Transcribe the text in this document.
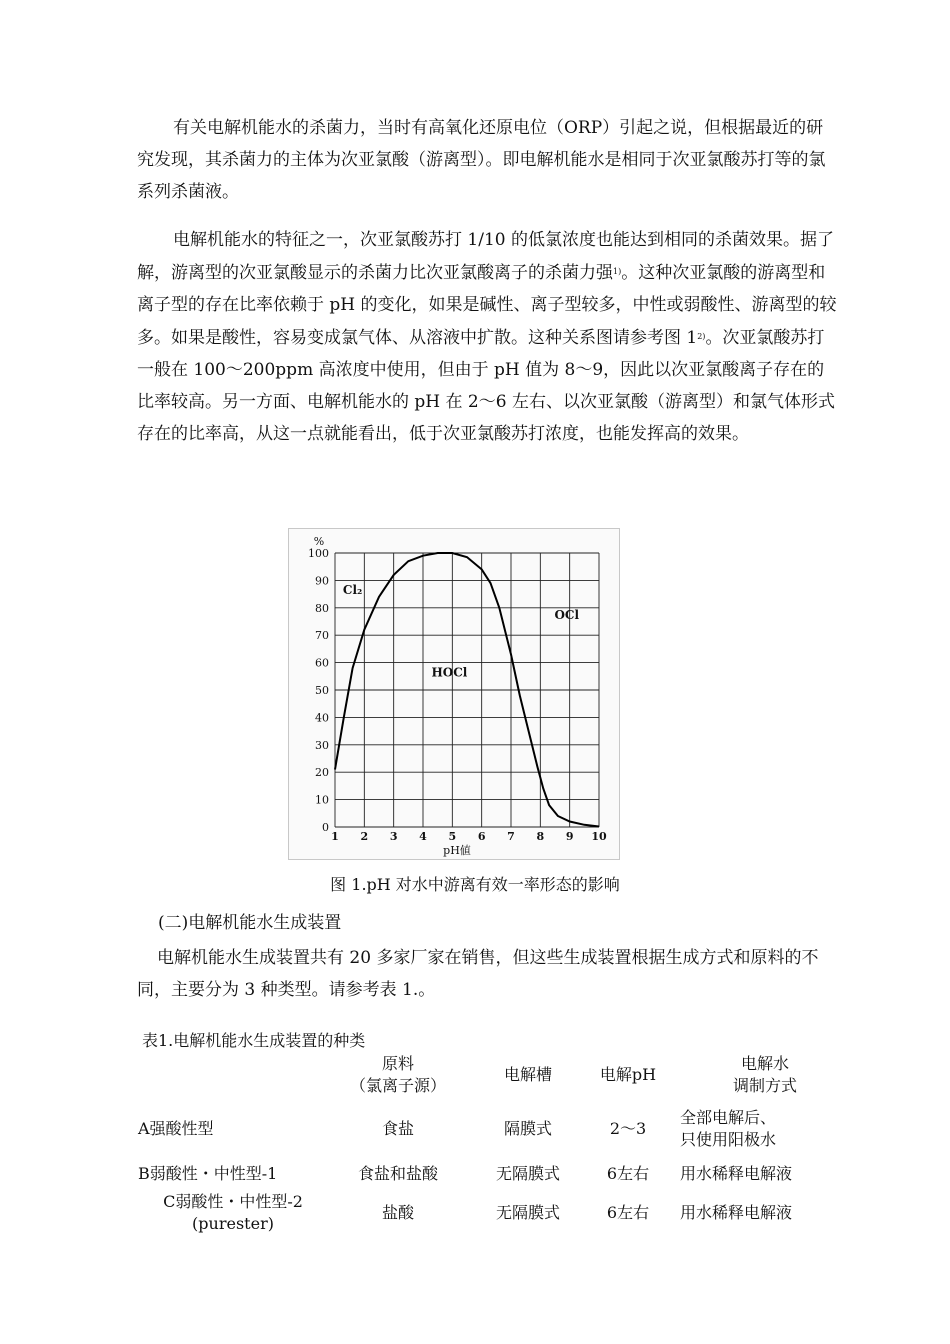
有关电解机能水的杀菌力，当时有高氧化还原电位（ORP）引起之说，但根据最近的研究发现，其杀菌力的主体为次亚氯酸（游离型）。即电解机能水是相同于次亚氯酸苏打等的氯系列杀菌液。

电解机能水的特征之一，次亚氯酸苏打 1/10 的低氯浓度也能达到相同的杀菌效果。据了解，游离型的次亚氯酸显示的杀菌力比次亚氯酸离子的杀菌力强$^{1)}$。这种次亚氯酸的游离型和离子型的存在比率依赖于 pH 的变化，如果是碱性、离子型较多，中性或弱酸性、游离型的较多。如果是酸性，容易变成氯气体、从溶液中扩散。这种关系图请参考图 1$^{2)}$。次亚氯酸苏打一般在 100～200ppm 高浓度中使用，但由于 pH 值为 8～9，因此以次亚氯酸离子存在的比率较高。另一方面、电解机能水的 pH 在 2～6 左右、以次亚氯酸（游离型）和氯气体形式存在的比率高，从这一点就能看出，低于次亚氯酸苏打浓度，也能发挥高的效果。

0
10
20
30
40
50
60
70
80
90
100
1 2 3 4 5 6 7 8 9 10
%
pH値
Cl₂
OCl
HOCl
图 1.pH 对水中游离有效一率形态的影响
(二)电解机能水生成装置

电解机能水生成装置共有 20 多家厂家在销售，但这些生成装置根据生成方式和原料的不同，主要分为 3 种类型。请参考表 1.。

表1.电解机能水生成装置的种类
	原料
（氯离子源）	电解槽	电解pH	电解水
调制方式
A强酸性型	食盐	隔膜式	2～3	全部电解后、
只使用阳极水
B弱酸性・中性型-1	食盐和盐酸	无隔膜式	6左右	用水稀释电解液
C弱酸性・中性型-2
(purester)	盐酸	无隔膜式	6左右	用水稀释电解液
